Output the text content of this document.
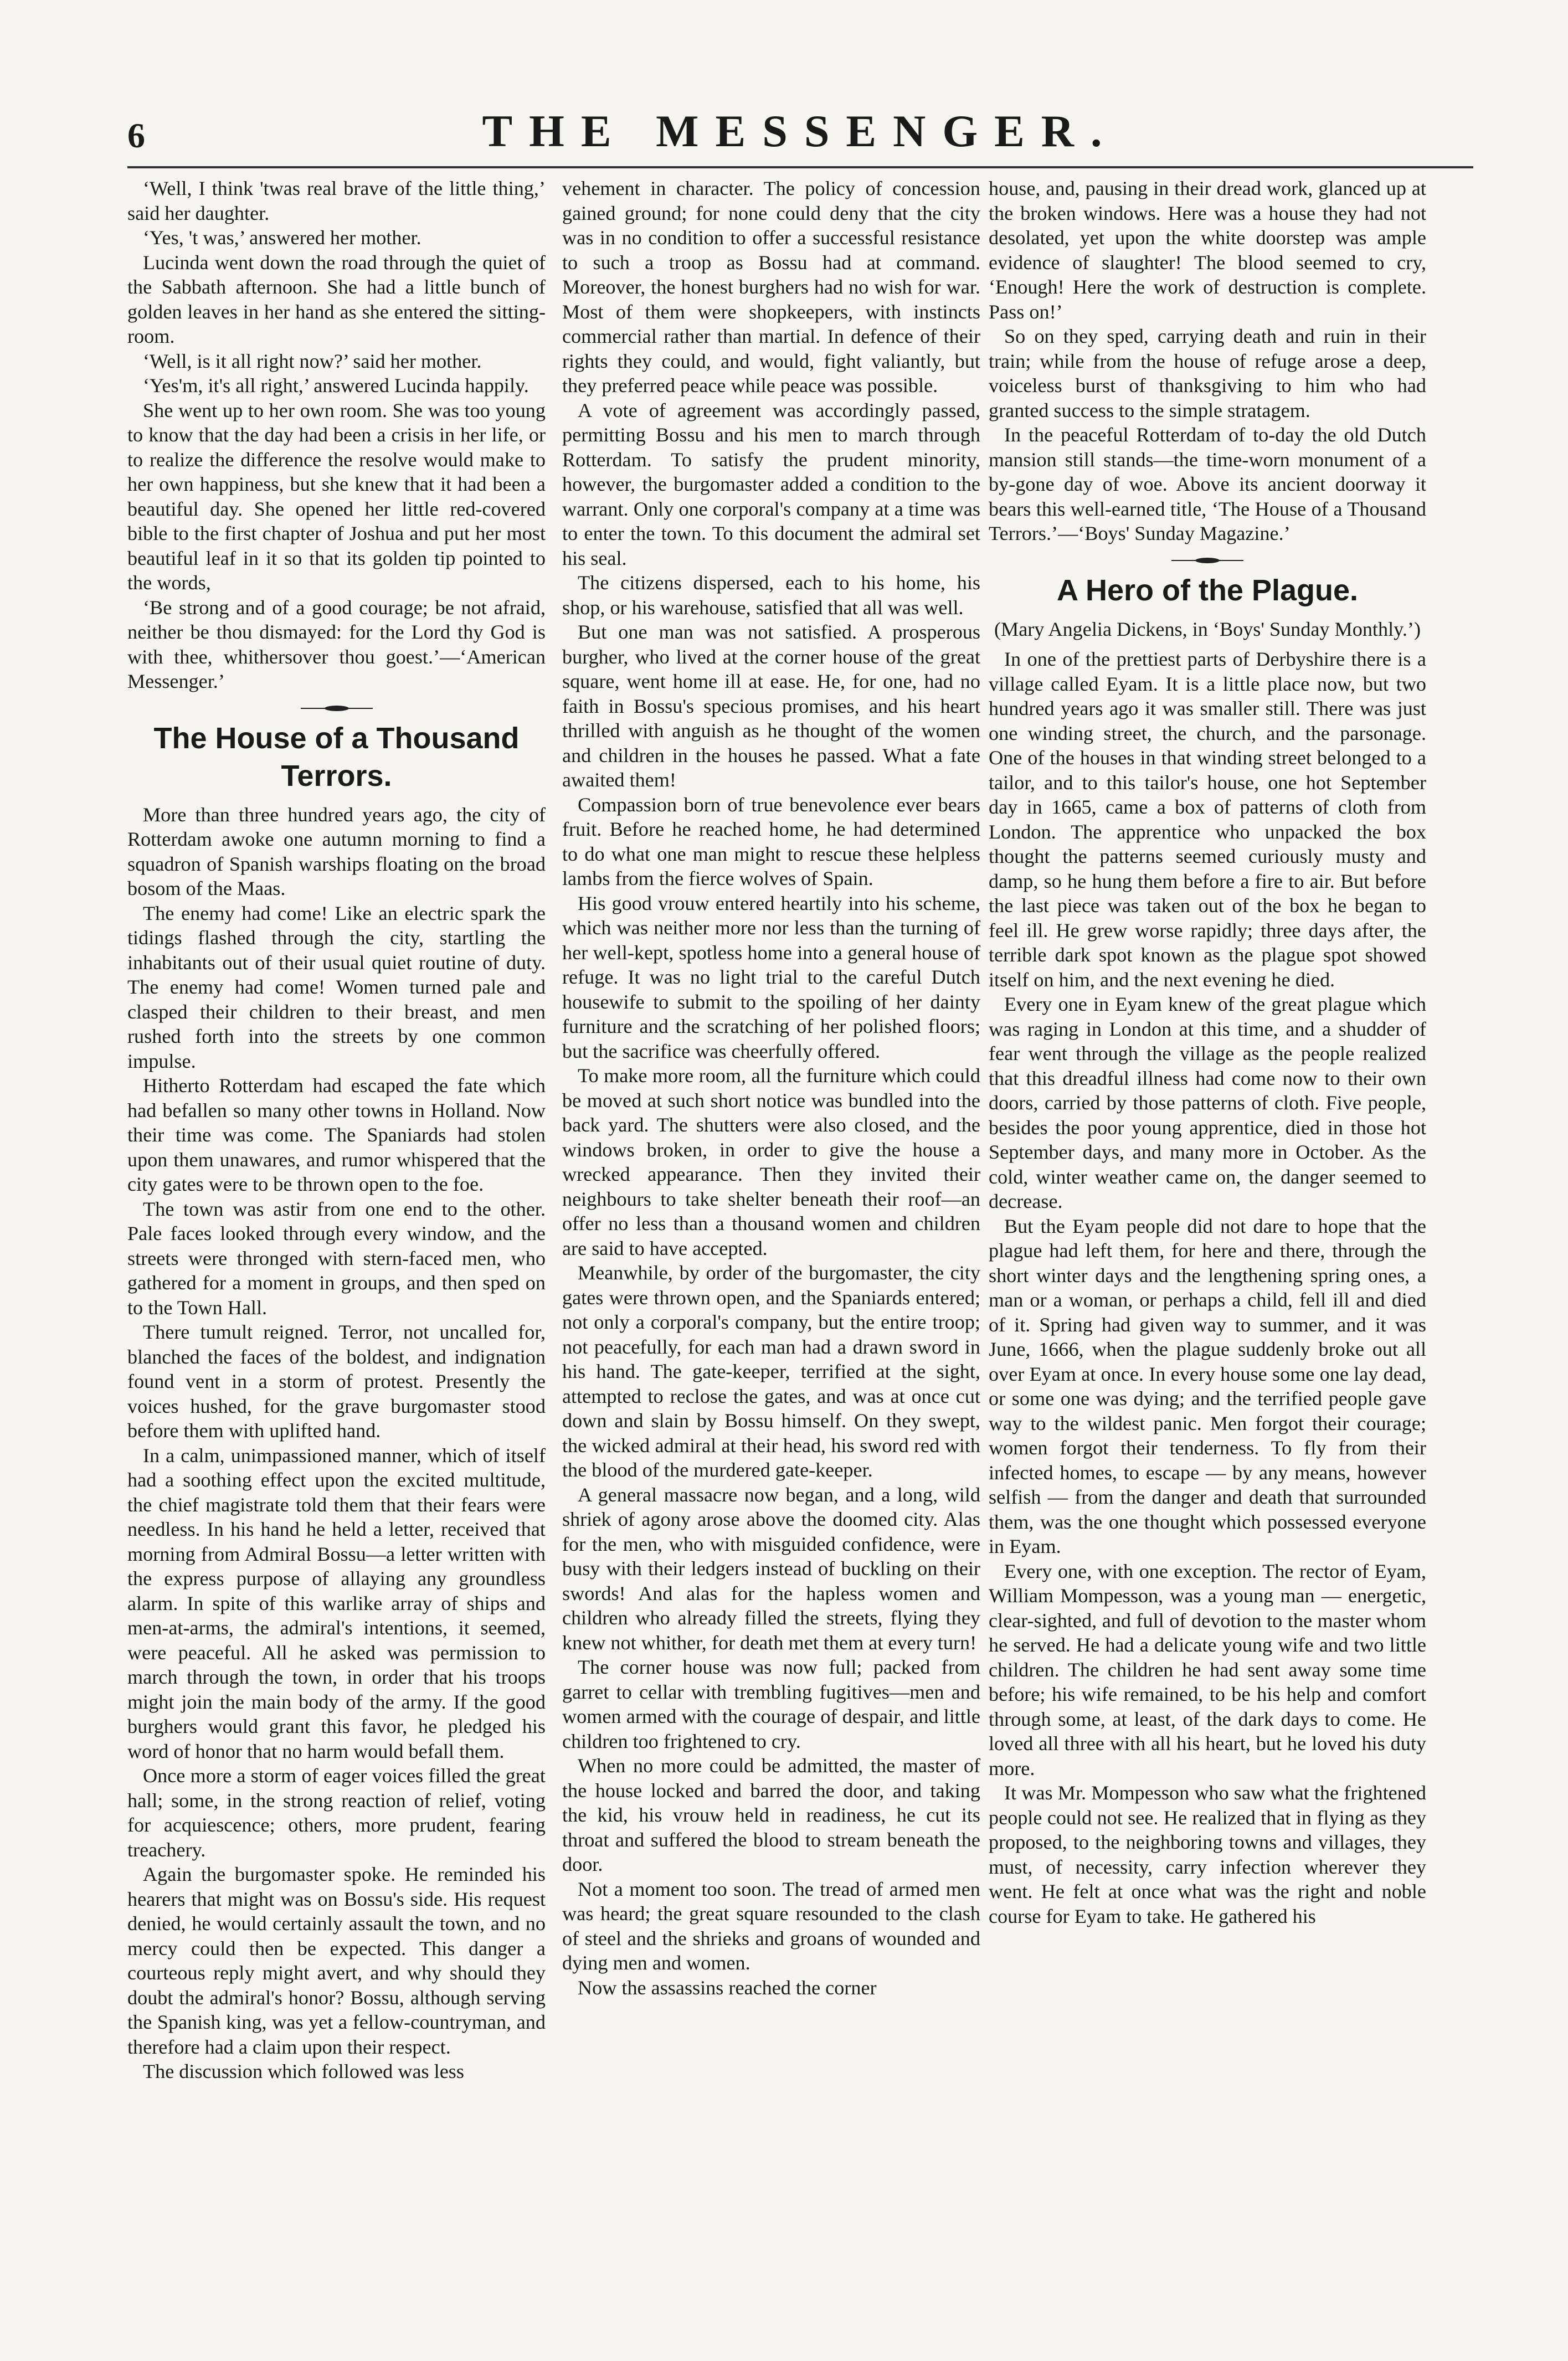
6	THE MESSENGER.

‘Well, I think 'twas real brave of the little thing,’ said her daughter.

‘Yes, 't was,’ answered her mother.

Lucinda went down the road through the quiet of the Sabbath afternoon. She had a little bunch of golden leaves in her hand as she entered the sitting-room.

‘Well, is it all right now?’ said her mother.

‘Yes'm, it's all right,’ answered Lucinda happily.

She went up to her own room. She was too young to know that the day had been a crisis in her life, or to realize the difference the resolve would make to her own happiness, but she knew that it had been a beautiful day. She opened her little red-covered bible to the first chapter of Joshua and put her most beautiful leaf in it so that its golden tip pointed to the words,

‘Be strong and of a good courage; be not afraid, neither be thou dismayed: for the Lord thy God is with thee, whithersover thou goest.’—‘American Messenger.’

The House of a Thousand Terrors.

More than three hundred years ago, the city of Rotterdam awoke one autumn morning to find a squadron of Spanish warships floating on the broad bosom of the Maas.

The enemy had come! Like an electric spark the tidings flashed through the city, startling the inhabitants out of their usual quiet routine of duty. The enemy had come! Women turned pale and clasped their children to their breast, and men rushed forth into the streets by one common impulse.

Hitherto Rotterdam had escaped the fate which had befallen so many other towns in Holland. Now their time was come. The Spaniards had stolen upon them unawares, and rumor whispered that the city gates were to be thrown open to the foe.

The town was astir from one end to the other. Pale faces looked through every window, and the streets were thronged with stern-faced men, who gathered for a moment in groups, and then sped on to the Town Hall.

There tumult reigned. Terror, not uncalled for, blanched the faces of the boldest, and indignation found vent in a storm of protest. Presently the voices hushed, for the grave burgomaster stood before them with uplifted hand.

In a calm, unimpassioned manner, which of itself had a soothing effect upon the excited multitude, the chief magistrate told them that their fears were needless. In his hand he held a letter, received that morning from Admiral Bossu—a letter written with the express purpose of allaying any groundless alarm. In spite of this warlike array of ships and men-at-arms, the admiral's intentions, it seemed, were peaceful. All he asked was permission to march through the town, in order that his troops might join the main body of the army. If the good burghers would grant this favor, he pledged his word of honor that no harm would befall them.

Once more a storm of eager voices filled the great hall; some, in the strong reaction of relief, voting for acquiescence; others, more prudent, fearing treachery.

Again the burgomaster spoke. He reminded his hearers that might was on Bossu's side. His request denied, he would certainly assault the town, and no mercy could then be expected. This danger a courteous reply might avert, and why should they doubt the admiral's honor? Bossu, although serving the Spanish king, was yet a fellow-countryman, and therefore had a claim upon their respect.

The discussion which followed was less

vehement in character. The policy of concession gained ground; for none could deny that the city was in no condition to offer a successful resistance to such a troop as Bossu had at command. Moreover, the honest burghers had no wish for war. Most of them were shopkeepers, with instincts commercial rather than martial. In defence of their rights they could, and would, fight valiantly, but they preferred peace while peace was possible.

A vote of agreement was accordingly passed, permitting Bossu and his men to march through Rotterdam. To satisfy the prudent minority, however, the burgomaster added a condition to the warrant. Only one corporal's company at a time was to enter the town. To this document the admiral set his seal.

The citizens dispersed, each to his home, his shop, or his warehouse, satisfied that all was well.

But one man was not satisfied. A prosperous burgher, who lived at the corner house of the great square, went home ill at ease. He, for one, had no faith in Bossu's specious promises, and his heart thrilled with anguish as he thought of the women and children in the houses he passed. What a fate awaited them!

Compassion born of true benevolence ever bears fruit. Before he reached home, he had determined to do what one man might to rescue these helpless lambs from the fierce wolves of Spain.

His good vrouw entered heartily into his scheme, which was neither more nor less than the turning of her well-kept, spotless home into a general house of refuge. It was no light trial to the careful Dutch housewife to submit to the spoiling of her dainty furniture and the scratching of her polished floors; but the sacrifice was cheerfully offered.

To make more room, all the furniture which could be moved at such short notice was bundled into the back yard. The shutters were also closed, and the windows broken, in order to give the house a wrecked appearance. Then they invited their neighbours to take shelter beneath their roof—an offer no less than a thousand women and children are said to have accepted.

Meanwhile, by order of the burgomaster, the city gates were thrown open, and the Spaniards entered; not only a corporal's company, but the entire troop; not peacefully, for each man had a drawn sword in his hand. The gate-keeper, terrified at the sight, attempted to reclose the gates, and was at once cut down and slain by Bossu himself. On they swept, the wicked admiral at their head, his sword red with the blood of the murdered gate-keeper.

A general massacre now began, and a long, wild shriek of agony arose above the doomed city. Alas for the men, who with misguided confidence, were busy with their ledgers instead of buckling on their swords! And alas for the hapless women and children who already filled the streets, flying they knew not whither, for death met them at every turn!

The corner house was now full; packed from garret to cellar with trembling fugitives—men and women armed with the courage of despair, and little children too frightened to cry.

When no more could be admitted, the master of the house locked and barred the door, and taking the kid, his vrouw held in readiness, he cut its throat and suffered the blood to stream beneath the door.

Not a moment too soon. The tread of armed men was heard; the great square resounded to the clash of steel and the shrieks and groans of wounded and dying men and women.

Now the assassins reached the corner

house, and, pausing in their dread work, glanced up at the broken windows. Here was a house they had not desolated, yet upon the white doorstep was ample evidence of slaughter! The blood seemed to cry, ‘Enough! Here the work of destruction is complete. Pass on!’

So on they sped, carrying death and ruin in their train; while from the house of refuge arose a deep, voiceless burst of thanksgiving to him who had granted success to the simple stratagem.

In the peaceful Rotterdam of to-day the old Dutch mansion still stands—the time-worn monument of a by-gone day of woe. Above its ancient doorway it bears this well-earned title, ‘The House of a Thousand Terrors.’—‘Boys' Sunday Magazine.’

A Hero of the Plague.

(Mary Angelia Dickens, in ‘Boys' Sunday Monthly.’)

In one of the prettiest parts of Derbyshire there is a village called Eyam. It is a little place now, but two hundred years ago it was smaller still. There was just one winding street, the church, and the parsonage. One of the houses in that winding street belonged to a tailor, and to this tailor's house, one hot September day in 1665, came a box of patterns of cloth from London. The apprentice who unpacked the box thought the patterns seemed curiously musty and damp, so he hung them before a fire to air. But before the last piece was taken out of the box he began to feel ill. He grew worse rapidly; three days after, the terrible dark spot known as the plague spot showed itself on him, and the next evening he died.

Every one in Eyam knew of the great plague which was raging in London at this time, and a shudder of fear went through the village as the people realized that this dreadful illness had come now to their own doors, carried by those patterns of cloth. Five people, besides the poor young apprentice, died in those hot September days, and many more in October. As the cold, winter weather came on, the danger seemed to decrease.

But the Eyam people did not dare to hope that the plague had left them, for here and there, through the short winter days and the lengthening spring ones, a man or a woman, or perhaps a child, fell ill and died of it. Spring had given way to summer, and it was June, 1666, when the plague suddenly broke out all over Eyam at once. In every house some one lay dead, or some one was dying; and the terrified people gave way to the wildest panic. Men forgot their courage; women forgot their tenderness. To fly from their infected homes, to escape — by any means, however selfish — from the danger and death that surrounded them, was the one thought which possessed everyone in Eyam.

Every one, with one exception. The rector of Eyam, William Mompesson, was a young man — energetic, clear-sighted, and full of devotion to the master whom he served. He had a delicate young wife and two little children. The children he had sent away some time before; his wife remained, to be his help and comfort through some, at least, of the dark days to come. He loved all three with all his heart, but he loved his duty more.

It was Mr. Mompesson who saw what the frightened people could not see. He realized that in flying as they proposed, to the neighboring towns and villages, they must, of necessity, carry infection wherever they went. He felt at once what was the right and noble course for Eyam to take. He gathered his
